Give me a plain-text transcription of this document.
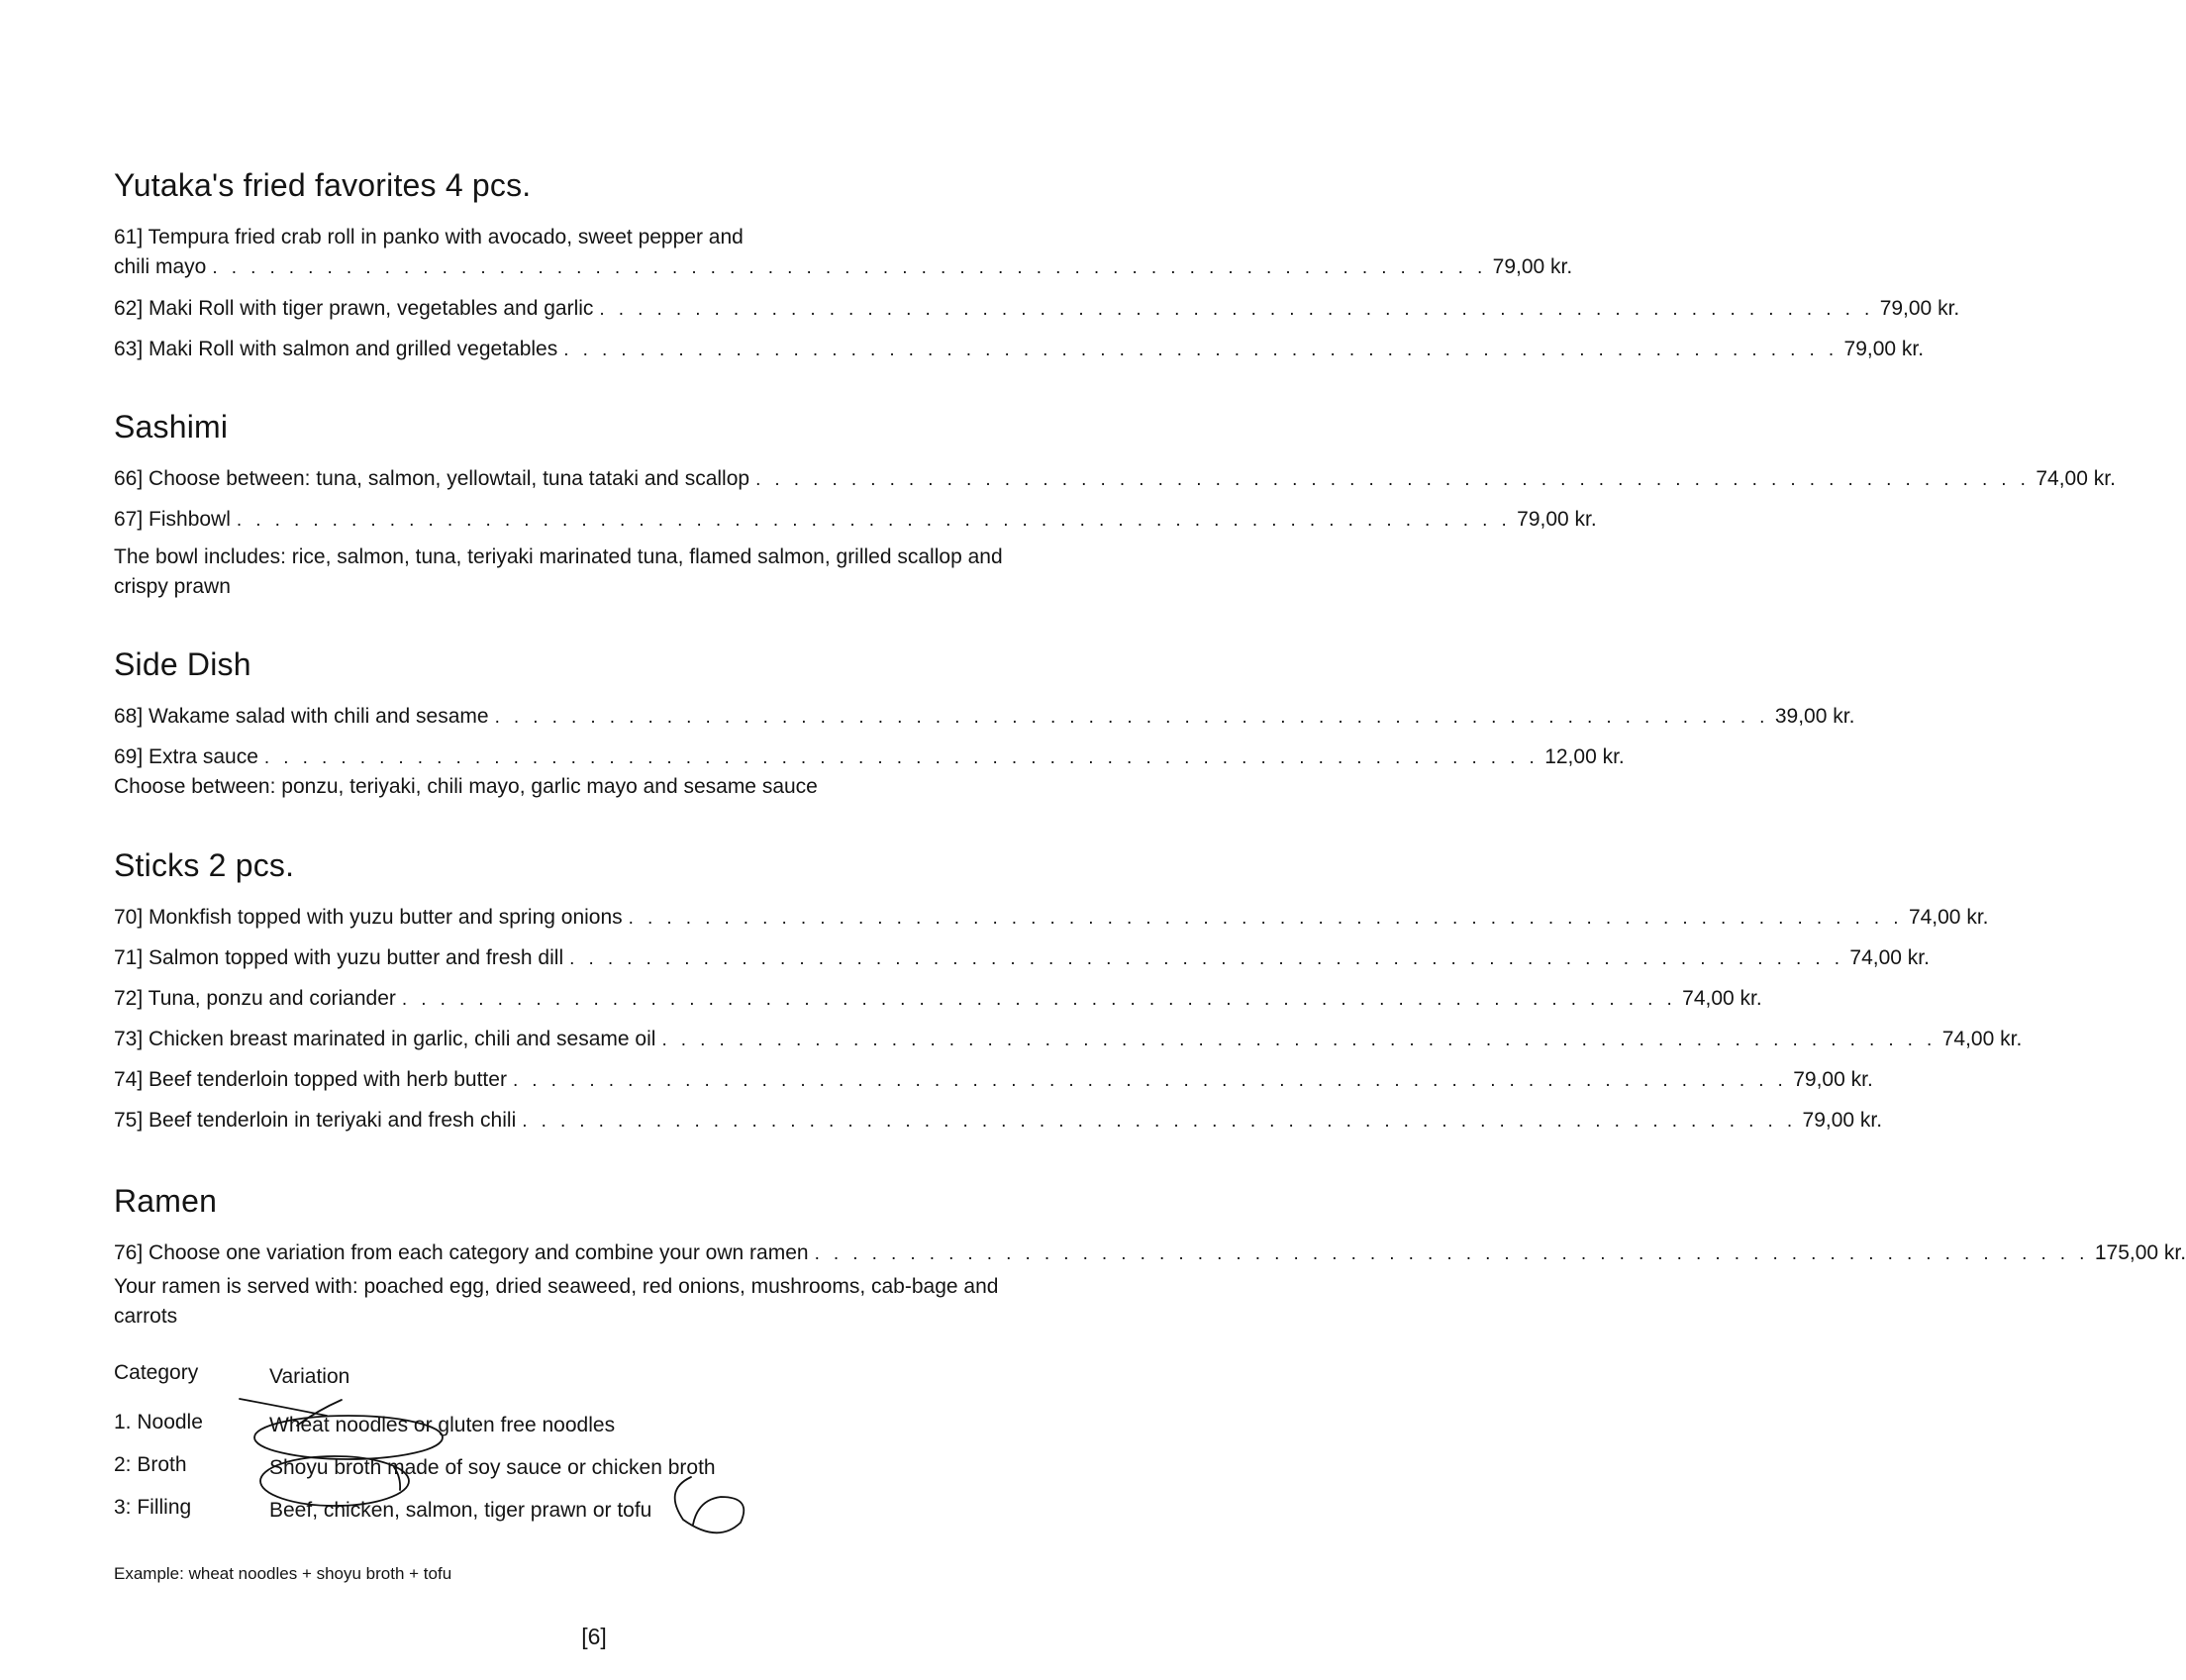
Yutaka's fried favorites 4 pcs.
61] Tempura fried crab roll in panko with avocado, sweet pepper and
chili mayo . . . . . . . . . . . . . . . . . . . . . . . . . . . . . . . . . . . . . . . . . . . . . . . . . . . . . . . . . . . . . . . . . . . 79,00 kr.
62] Maki Roll with tiger prawn, vegetables and garlic . . . . . . . . . . . . . . . . . . . . . . . . . . . . . . . . . . . . . . . . . . . . . . . . . . . . . . . . . . . . . . . . . . . 79,00 kr.
63] Maki Roll with salmon and grilled vegetables . . . . . . . . . . . . . . . . . . . . . . . . . . . . . . . . . . . . . . . . . . . . . . . . . . . . . . . . . . . . . . . . . . . 79,00 kr.
Sashimi
66] Choose between: tuna, salmon, yellowtail, tuna tataki and scallop . . . . . . . . . . . . . . . . . . . . . . . . . . . . . . . . . . . . . . . . . . . . . . . . . . . . . . . . . . . . . . . . . . . 74,00 kr.
67] Fishbowl . . . . . . . . . . . . . . . . . . . . . . . . . . . . . . . . . . . . . . . . . . . . . . . . . . . . . . . . . . . . . . . . . . . 79,00 kr.
The bowl includes: rice, salmon, tuna, teriyaki marinated tuna, flamed salmon, grilled scallop and crispy prawn
Side Dish
68] Wakame salad with chili and sesame . . . . . . . . . . . . . . . . . . . . . . . . . . . . . . . . . . . . . . . . . . . . . . . . . . . . . . . . . . . . . . . . . . . 39,00 kr.
69] Extra sauce . . . . . . . . . . . . . . . . . . . . . . . . . . . . . . . . . . . . . . . . . . . . . . . . . . . . . . . . . . . . . . . . . . . 12,00 kr.
Choose between: ponzu, teriyaki, chili mayo, garlic mayo and sesame sauce
Sticks 2 pcs.
70] Monkfish topped with yuzu butter and spring onions . . . . . . . . . . . . . . . . . . . . . . . . . . . . . . . . . . . . . . . . . . . . . . . . . . . . . . . . . . . . . . . . . . . 74,00 kr.
71] Salmon topped with yuzu butter and fresh dill . . . . . . . . . . . . . . . . . . . . . . . . . . . . . . . . . . . . . . . . . . . . . . . . . . . . . . . . . . . . . . . . . . . 74,00 kr.
72] Tuna, ponzu and coriander . . . . . . . . . . . . . . . . . . . . . . . . . . . . . . . . . . . . . . . . . . . . . . . . . . . . . . . . . . . . . . . . . . . 74,00 kr.
73] Chicken breast marinated in garlic, chili and sesame oil . . . . . . . . . . . . . . . . . . . . . . . . . . . . . . . . . . . . . . . . . . . . . . . . . . . . . . . . . . . . . . . . . . . 74,00 kr.
74] Beef tenderloin topped with herb butter . . . . . . . . . . . . . . . . . . . . . . . . . . . . . . . . . . . . . . . . . . . . . . . . . . . . . . . . . . . . . . . . . . . 79,00 kr.
75] Beef tenderloin in teriyaki and fresh chili . . . . . . . . . . . . . . . . . . . . . . . . . . . . . . . . . . . . . . . . . . . . . . . . . . . . . . . . . . . . . . . . . . . 79,00 kr.
Ramen
76] Choose one variation from each category and combine your own ramen . . . . . . . . . . . . . . . . . . . . . . . . . . . . . . . . . . . . . . . . . . . . . . . . . . . . . . . . . . . . . . . . . . . 175,00 kr.
Your ramen is served with: poached egg, dried seaweed, red onions, mushrooms, cab-bage and carrots
Category	Variation
1. Noodle	Wheat noodles or gluten free noodles
2: Broth	Shoyu broth made of soy sauce or chicken broth
3: Filling	Beef, chicken, salmon, tiger prawn or tofu
Example: wheat noodles + shoyu broth + tofu
[6]
